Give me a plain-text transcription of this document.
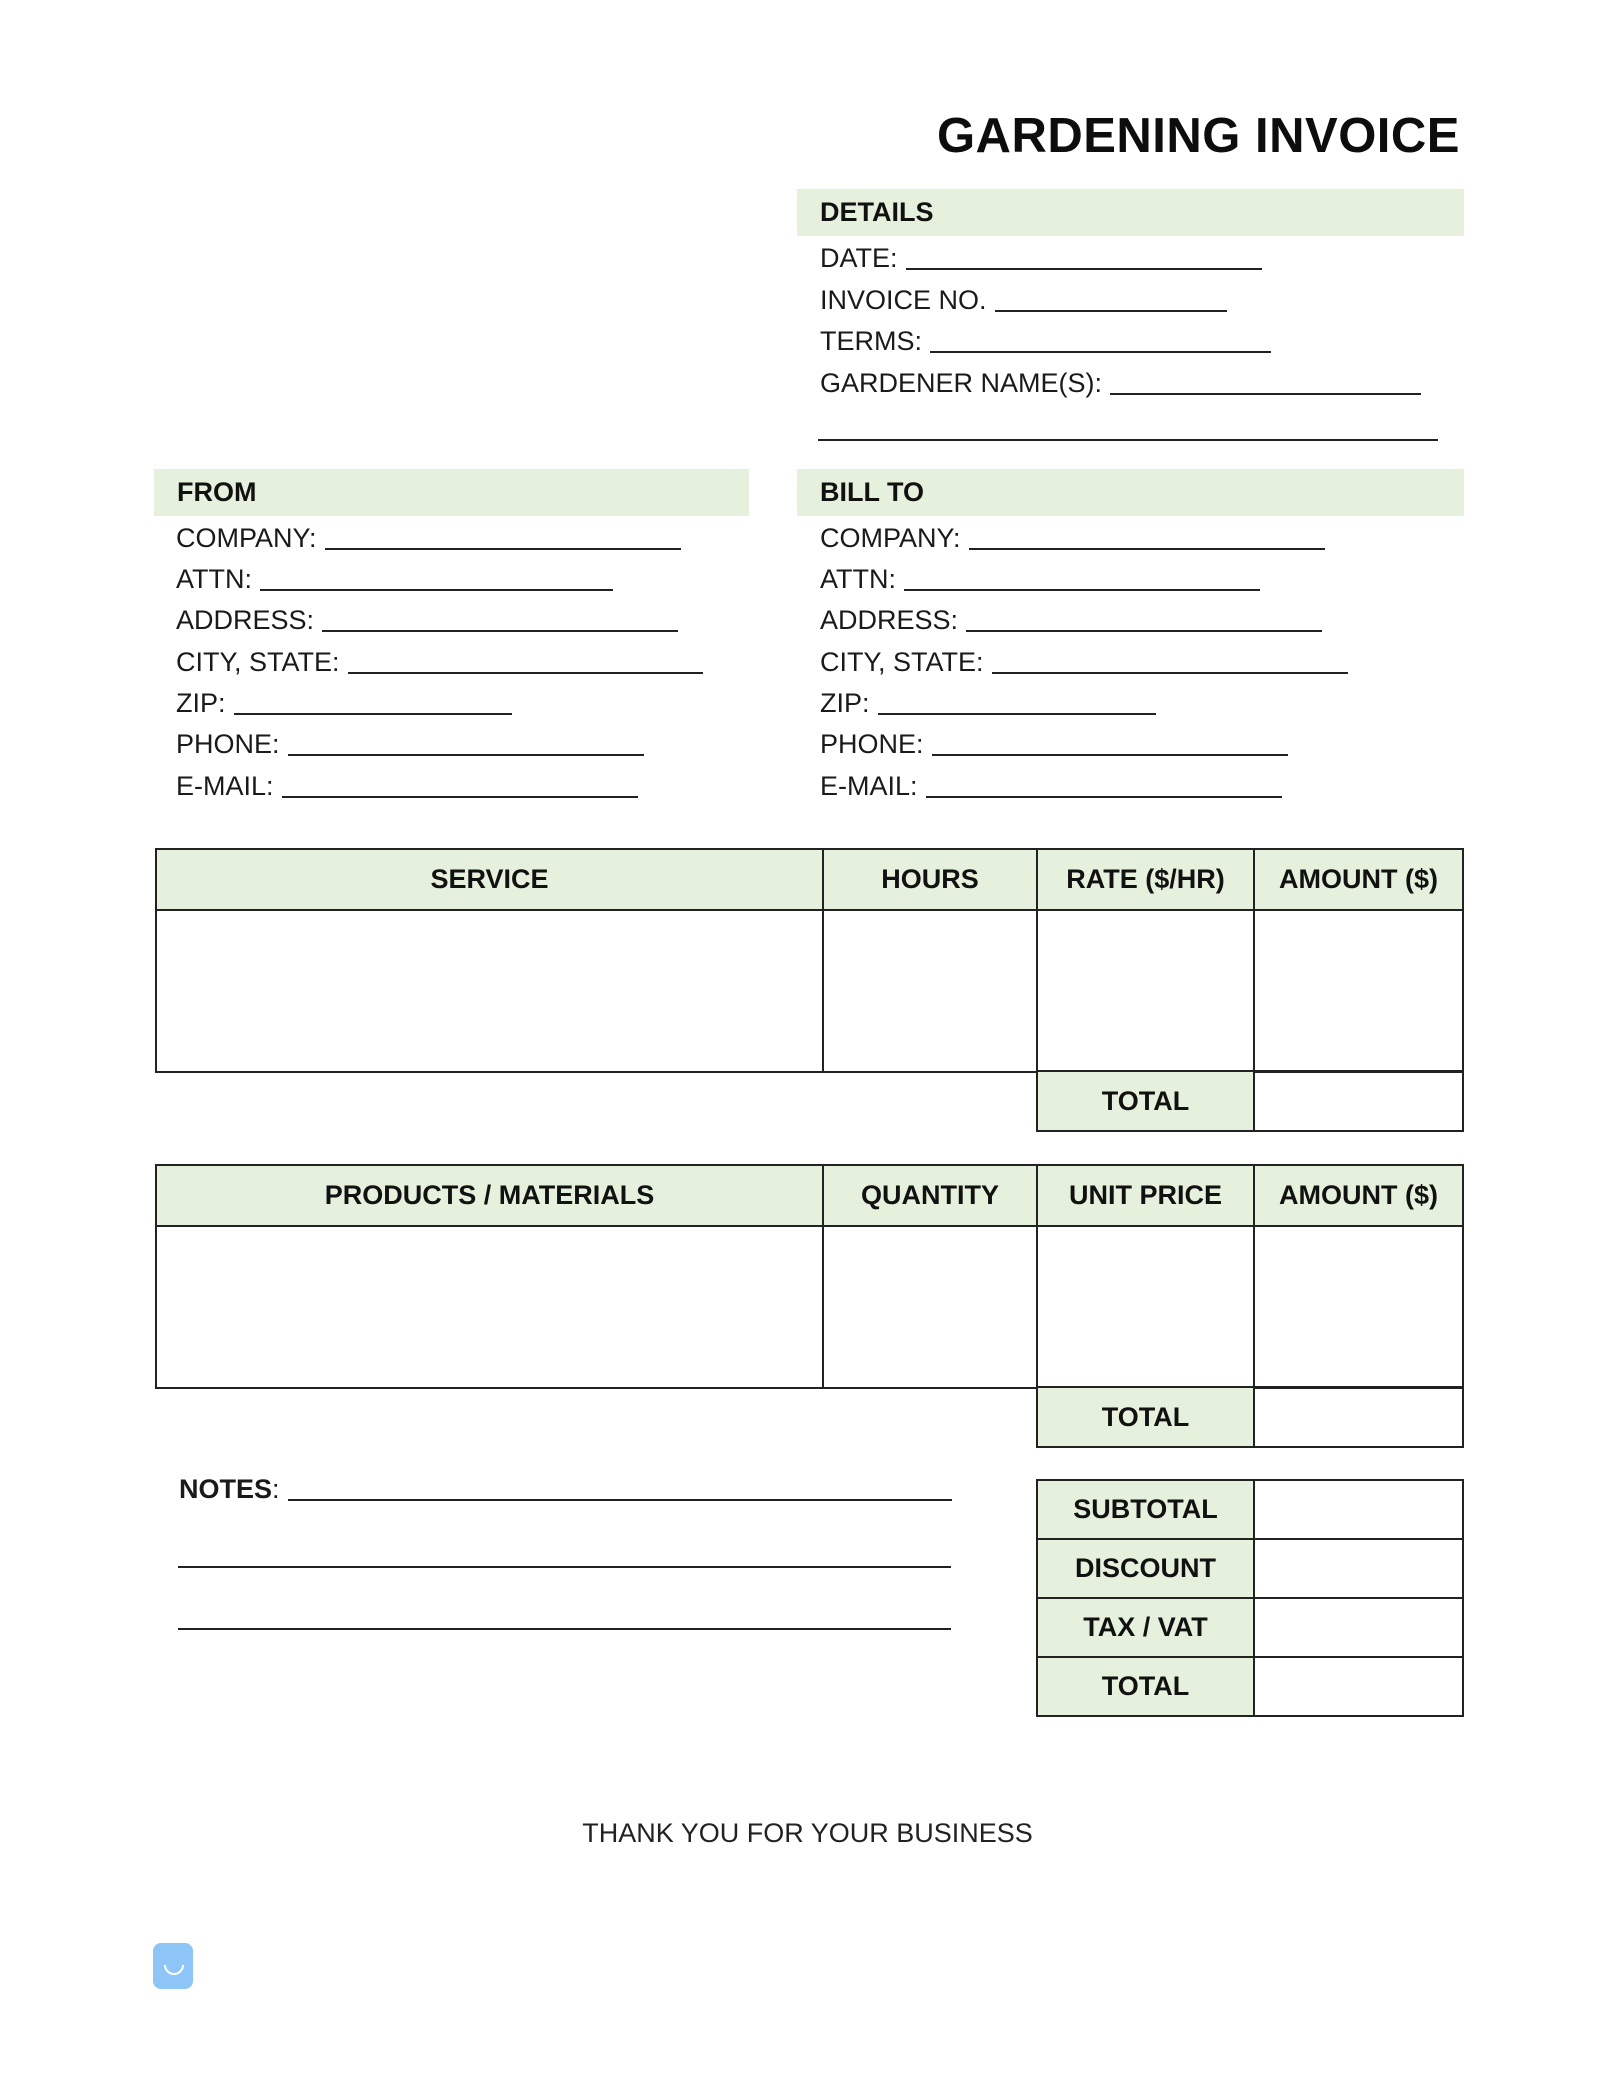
GARDENING INVOICE
DETAILS
DATE:
INVOICE NO.
TERMS:
GARDENER NAME(S):
FROM
COMPANY:
ATTN:
ADDRESS:
CITY, STATE:
ZIP:
PHONE:
E-MAIL:
BILL TO
COMPANY:
ATTN:
ADDRESS:
CITY, STATE:
ZIP:
PHONE:
E-MAIL:
SERVICE	HOURS	RATE ($/HR)	AMOUNT ($)

TOTAL	
PRODUCTS / MATERIALS	QUANTITY	UNIT PRICE	AMOUNT ($)

TOTAL	
NOTES :
SUBTOTAL	
DISCOUNT	
TAX / VAT	
TOTAL	
THANK YOU FOR YOUR BUSINESS
